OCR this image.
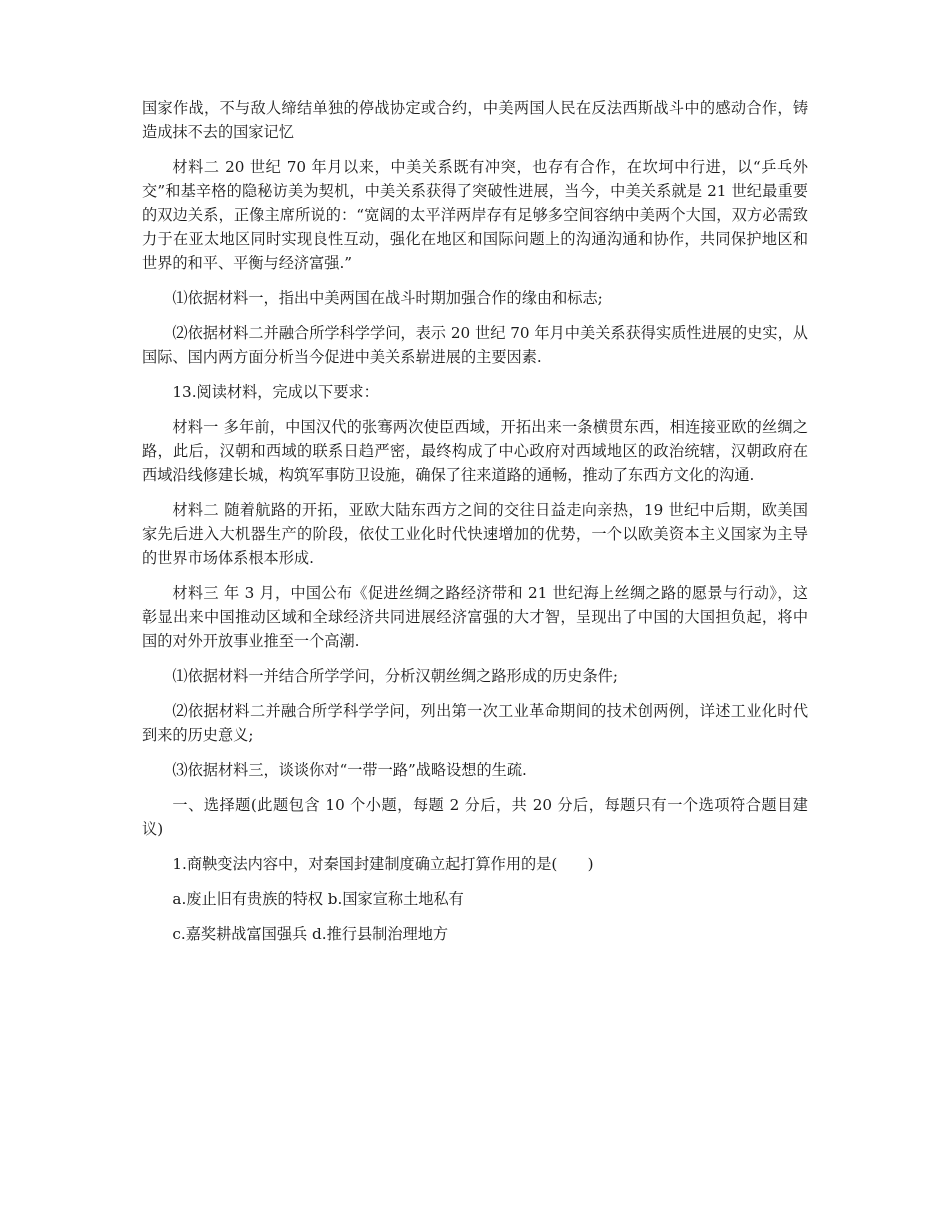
国家作战，不与敌人缔结单独的停战协定或合约，中美两国人民在反法西斯战斗中的感动合作，铸造成抹不去的国家记忆

材料二 20 世纪 70 年月以来，中美关系既有冲突，也存有合作，在坎坷中行进，以“乒乓外交”和基辛格的隐秘访美为契机，中美关系获得了突破性进展，当今，中美关系就是 21 世纪最重要的双边关系，正像主席所说的：“宽阔的太平洋两岸存有足够多空间容纳中美两个大国，双方必需致力于在亚太地区同时实现良性互动，强化在地区和国际问题上的沟通沟通和协作，共同保护地区和世界的和平、平衡与经济富强.”

⑴依据材料一，指出中美两国在战斗时期加强合作的缘由和标志;

⑵依据材料二并融合所学科学学问，表示 20 世纪 70 年月中美关系获得实质性进展的史实，从国际、国内两方面分析当今促进中美关系崭进展的主要因素.

13.阅读材料，完成以下要求：

材料一 多年前，中国汉代的张骞两次使臣西域，开拓出来一条横贯东西，相连接亚欧的丝绸之路，此后，汉朝和西域的联系日趋严密，最终构成了中心政府对西域地区的政治统辖，汉朝政府在西域沿线修建长城，构筑军事防卫设施，确保了往来道路的通畅，推动了东西方文化的沟通.

材料二 随着航路的开拓，亚欧大陆东西方之间的交往日益走向亲热，19 世纪中后期，欧美国家先后进入大机器生产的阶段，依仗工业化时代快速增加的优势，一个以欧美资本主义国家为主导的世界市场体系根本形成.

材料三 年 3 月，中国公布《促进丝绸之路经济带和 21 世纪海上丝绸之路的愿景与行动》，这彰显出来中国推动区域和全球经济共同进展经济富强的大才智，呈现出了中国的大国担负起，将中国的对外开放事业推至一个高潮.

⑴依据材料一并结合所学学问，分析汉朝丝绸之路形成的历史条件;

⑵依据材料二并融合所学科学学问，列出第一次工业革命期间的技术创两例，详述工业化时代到来的历史意义;

⑶依据材料三，谈谈你对“一带一路”战略设想的生疏.

一、选择题(此题包含 10 个小题，每题 2 分后，共 20 分后，每题只有一个选项符合题目建议)

1.商鞅变法内容中，对秦国封建制度确立起打算作用的是(　　)

a.废止旧有贵族的特权 b.国家宣称土地私有

c.嘉奖耕战富国强兵 d.推行县制治理地方
